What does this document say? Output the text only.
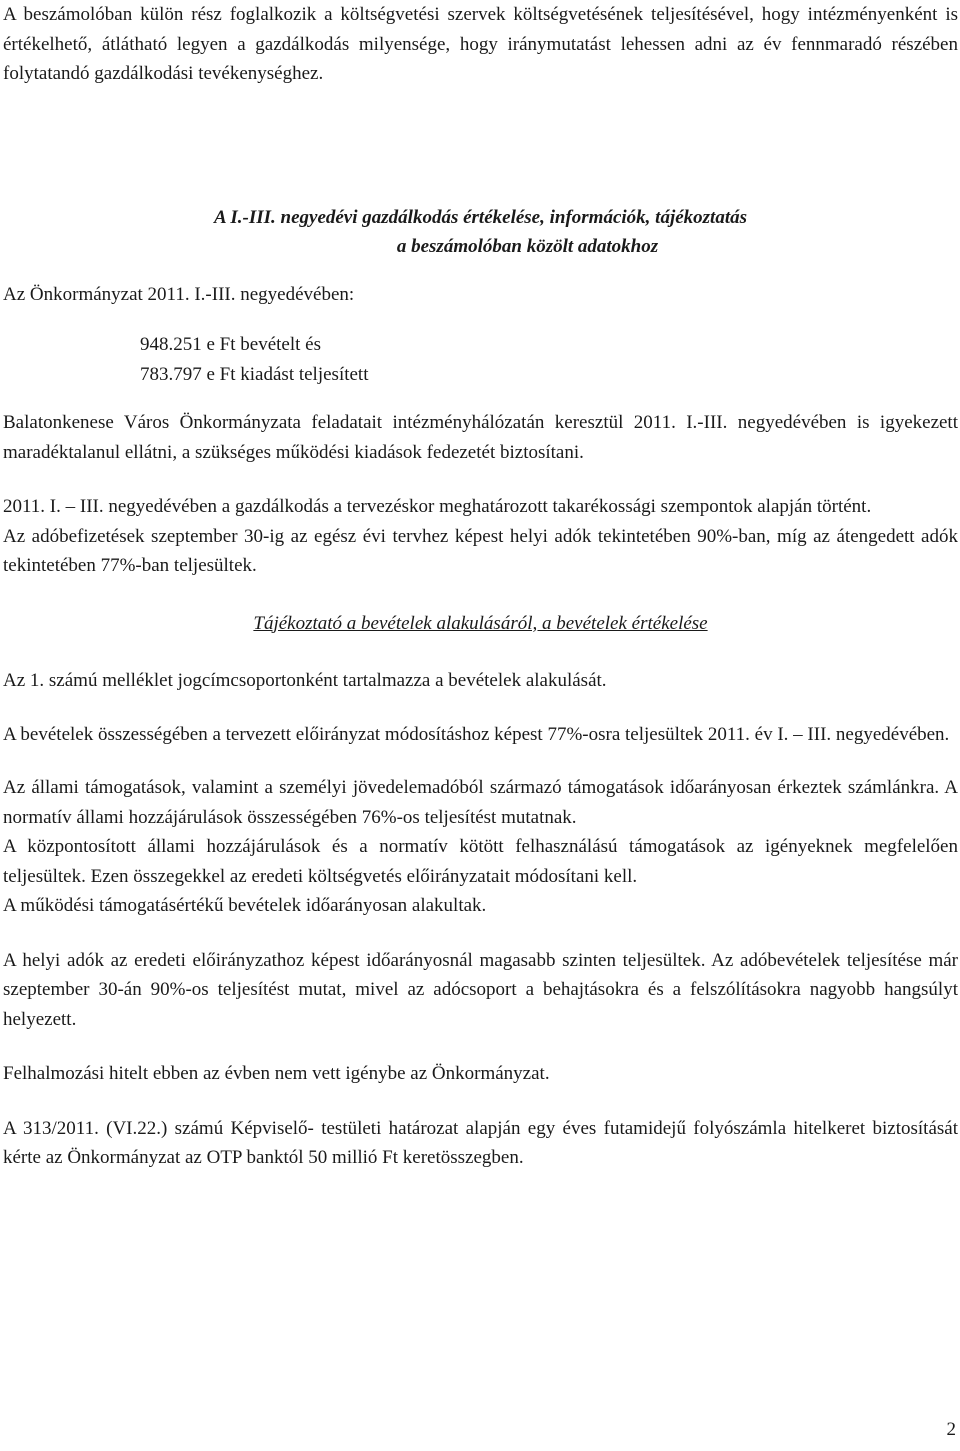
A beszámolóban külön rész foglalkozik a költségvetési szervek költségvetésének teljesítésével, hogy intézményenként is értékelhető, átlátható legyen a gazdálkodás milyensége, hogy iránymutatást lehessen adni az év fennmaradó részében folytatandó gazdálkodási tevékenységhez.

A I.-III. negyedévi gazdálkodás értékelése, információk, tájékoztatás
a beszámolóban közölt adatokhoz

Az Önkormányzat 2011. I.-III. negyedévében:

948.251 e Ft bevételt és

783.797 e Ft kiadást teljesített

Balatonkenese Város Önkormányzata feladatait intézményhálózatán keresztül 2011. I.-III. negyedévében is igyekezett maradéktalanul ellátni, a szükséges működési kiadások fedezetét biztosítani.

2011. I. – III. negyedévében a gazdálkodás a tervezéskor meghatározott takarékossági szempontok alapján történt.

Az adóbefizetések szeptember 30-ig az egész évi tervhez képest helyi adók tekintetében 90%-ban, míg az átengedett adók tekintetében 77%-ban teljesültek.

Tájékoztató a bevételek alakulásáról, a bevételek értékelése

Az 1. számú melléklet jogcímcsoportonként tartalmazza a bevételek alakulását.

A bevételek összességében a tervezett előirányzat módosításhoz képest 77%-osra teljesültek 2011. év I. – III. negyedévében.

Az állami támogatások, valamint a személyi jövedelemadóból származó támogatások időarányosan érkeztek számlánkra. A normatív állami hozzájárulások összességében 76%-os teljesítést mutatnak.

A központosított állami hozzájárulások és a normatív kötött felhasználású támogatások az igényeknek megfelelően teljesültek. Ezen összegekkel az eredeti költségvetés előirányzatait módosítani kell.

A működési támogatásértékű bevételek időarányosan alakultak.

A helyi adók az eredeti előirányzathoz képest időarányosnál magasabb szinten teljesültek. Az adóbevételek teljesítése már szeptember 30-án 90%-os teljesítést mutat, mivel az adócsoport a behajtásokra és a felszólításokra nagyobb hangsúlyt helyezett.

Felhalmozási hitelt ebben az évben nem vett igénybe az Önkormányzat.

A 313/2011. (VI.22.) számú Képviselő- testületi határozat alapján egy éves futamidejű folyószámla hitelkeret biztosítását kérte az Önkormányzat az OTP banktól 50 millió Ft keretösszegben.

2
